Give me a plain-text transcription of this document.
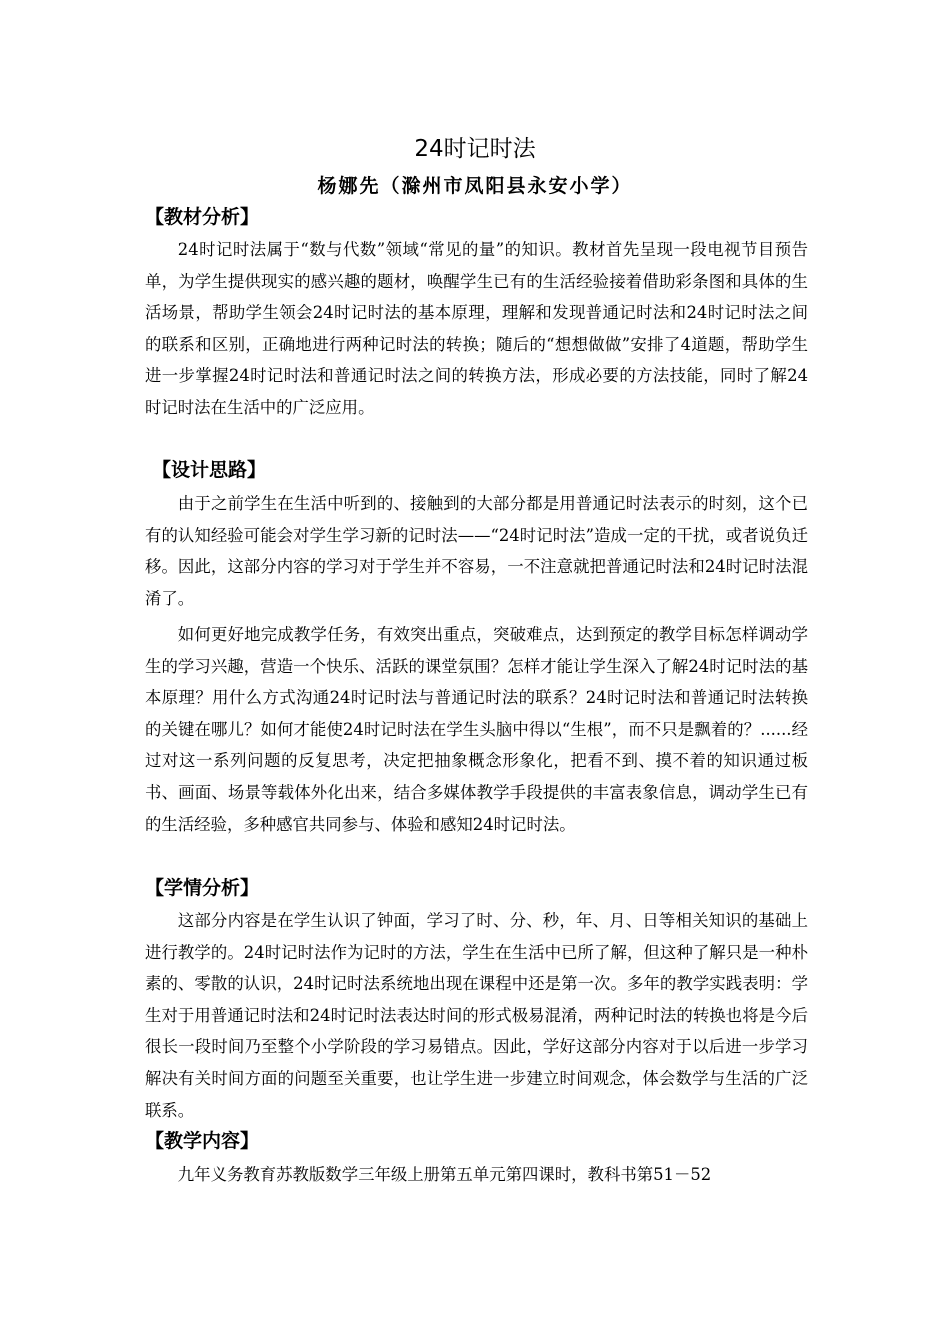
24时记时法
杨娜先（滁州市凤阳县永安小学）
【教材分析】
24时记时法属于“数与代数”领域“常见的量”的知识。教材首先呈现一段电视节目预告单，为学生提供现实的感兴趣的题材，唤醒学生已有的生活经验接着借助彩条图和具体的生活场景，帮助学生领会24时记时法的基本原理，理解和发现普通记时法和24时记时法之间的联系和区别，正确地进行两种记时法的转换；随后的“想想做做”安排了4道题，帮助学生进一步掌握24时记时法和普通记时法之间的转换方法，形成必要的方法技能，同时了解24时记时法在生活中的广泛应用。
【设计思路】
由于之前学生在生活中听到的、接触到的大部分都是用普通记时法表示的时刻，这个已有的认知经验可能会对学生学习新的记时法——“24时记时法”造成一定的干扰，或者说负迁移。因此，这部分内容的学习对于学生并不容易，一不注意就把普通记时法和24时记时法混淆了。
如何更好地完成教学任务，有效突出重点，突破难点，达到预定的教学目标怎样调动学生的学习兴趣，营造一个快乐、活跃的课堂氛围？怎样才能让学生深入了解24时记时法的基本原理？用什么方式沟通24时记时法与普通记时法的联系？24时记时法和普通记时法转换的关键在哪儿？如何才能使24时记时法在学生头脑中得以“生根”，而不只是飘着的？......经过对这一系列问题的反复思考，决定把抽象概念形象化，把看不到、摸不着的知识通过板书、画面、场景等载体外化出来，结合多媒体教学手段提供的丰富表象信息，调动学生已有的生活经验，多种感官共同参与、体验和感知24时记时法。
【学情分析】
这部分内容是在学生认识了钟面，学习了时、分、秒，年、月、日等相关知识的基础上进行教学的。24时记时法作为记时的方法，学生在生活中已所了解，但这种了解只是一种朴素的、零散的认识，24时记时法系统地出现在课程中还是第一次。多年的教学实践表明：学生对于用普通记时法和24时记时法表达时间的形式极易混淆，两种记时法的转换也将是今后很长一段时间乃至整个小学阶段的学习易错点。因此，学好这部分内容对于以后进一步学习解决有关时间方面的问题至关重要，也让学生进一步建立时间观念，体会数学与生活的广泛联系。
【教学内容】
九年义务教育苏教版数学三年级上册第五单元第四课时，教科书第51－52
